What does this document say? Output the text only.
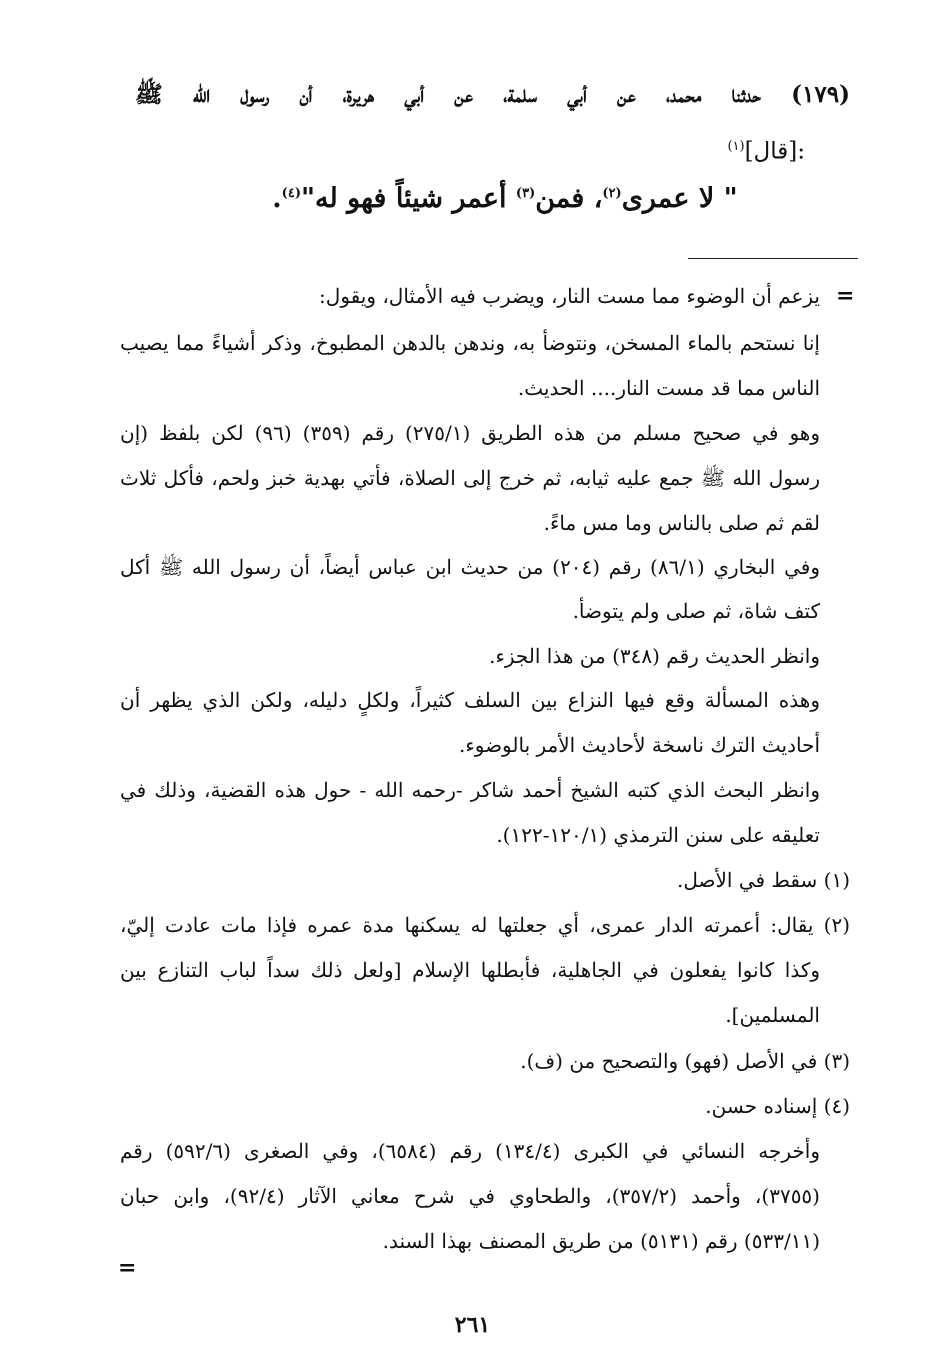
(١٧٩) حدثنا محمد، عن أبي سلمة، عن أبي هريرة، أن رسول الله ﷺ
:[قال]$^{(١)}$
" لا عمرى$^{(٢)}$، فمن$^{(٣)}$ أعمر شيئاً فهو له"$^{(٤)}$.
=
يزعم أن الوضوء مما مست النار، ويضرب فيه الأمثال، ويقول:
إنا نستحم بالماء المسخن، ونتوضأ به، وندهن بالدهن المطبوخ، وذكر أشياءً مما يصيب
الناس مما قد مست النار.... الحديث.
وهو في صحيح مسلم من هذه الطريق (٢٧٥/١) رقم (٣٥٩) (٩٦) لكن بلفظ (إن
رسول الله ﷺ جمع عليه ثيابه، ثم خرج إلى الصلاة، فأتي بهدية خبز ولحم، فأكل ثلاث
لقم ثم صلى بالناس وما مس ماءً.
وفي البخاري (٨٦/١) رقم (٢٠٤) من حديث ابن عباس أيضاً، أن رسول الله ﷺ أكل
كتف شاة، ثم صلى ولم يتوضأ.
وانظر الحديث رقم (٣٤٨) من هذا الجزء.
وهذه المسألة وقع فيها النزاع بين السلف كثيراً، ولكلٍ دليله، ولكن الذي يظهر أن
أحاديث الترك ناسخة لأحاديث الأمر بالوضوء.
وانظر البحث الذي كتبه الشيخ أحمد شاكر -رحمه الله - حول هذه القضية، وذلك في
تعليقه على سنن الترمذي (١٢٠/١-١٢٢).
(١) سقط في الأصل.
(٢) يقال: أعمرته الدار عمرى، أي جعلتها له يسكنها مدة عمره فإذا مات عادت إليّ،
وكذا كانوا يفعلون في الجاهلية، فأبطلها الإسلام [ولعل ذلك سداً لباب التنازع بين
المسلمين].
(٣) في الأصل (فهو) والتصحيح من (ف).
(٤) إسناده حسن.
وأخرجه النسائي في الكبرى (١٣٤/٤) رقم (٦٥٨٤)، وفي الصغرى (٥٩٢/٦) رقم
(٣٧٥٥)، وأحمد (٣٥٧/٢)، والطحاوي في شرح معاني الآثار (٩٢/٤)، وابن حبان
(٥٣٣/١١) رقم (٥١٣١) من طريق المصنف بهذا السند.
=
٢٦١
